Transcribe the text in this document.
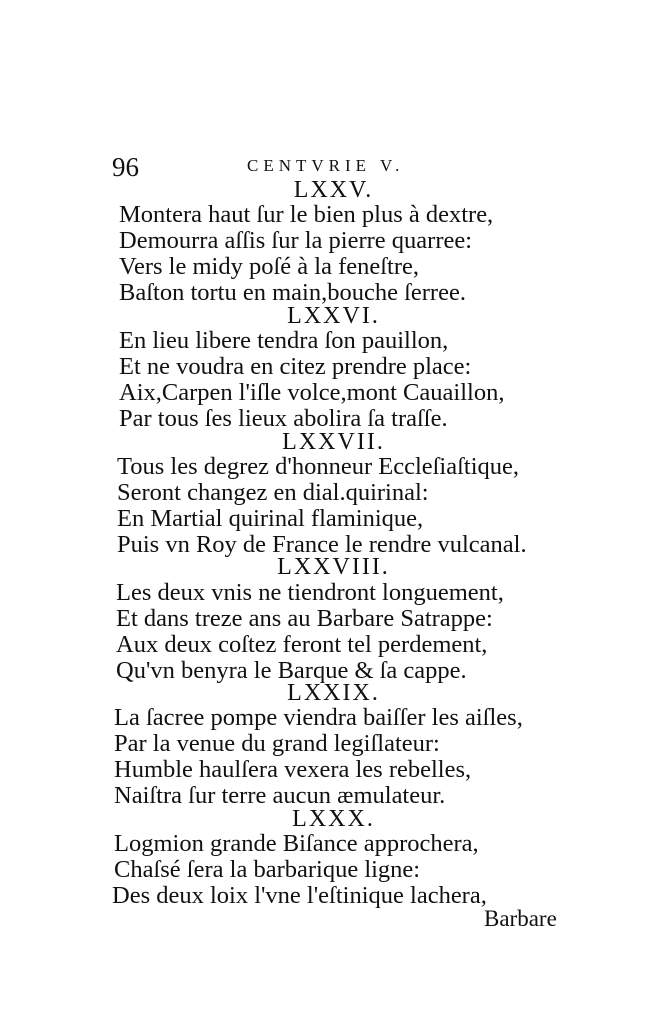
96	CENTVRIE V.
LXXV.
Montera haut ſur le bien plus à dextre,
Demourra aſſis ſur la pierre quarree:
Vers le midy poſé à la feneſtre,
Baſton tortu en main,bouche ſerree.
LXXVI.
En lieu libere tendra ſon pauillon,
Et ne voudra en citez prendre place:
Aix,Carpen l'iſle volce,mont Cauaillon,
Par tous ſes lieux abolira ſa traſſe.
LXXVII.
Tous les degrez d'honneur Eccleſiaſtique,
Seront changez en dial.quirinal:
En Martial quirinal flaminique,
Puis vn Roy de France le rendre vulcanal.
LXXVIII.
Les deux vnis ne tiendront longuement,
Et dans treze ans au Barbare Satrappe:
Aux deux coſtez feront tel perdement,
Qu'vn benyra le Barque & ſa cappe.
LXXIX.
La ſacree pompe viendra baiſſer les aiſles,
Par la venue du grand legiſlateur:
Humble haulſera vexera les rebelles,
Naiſtra ſur terre aucun æmulateur.
LXXX.
Logmion grande Biſance approchera,
Chaſsé ſera la barbarique ligne:
Des deux loix l'vne l'eſtinique lachera,
Barbare
